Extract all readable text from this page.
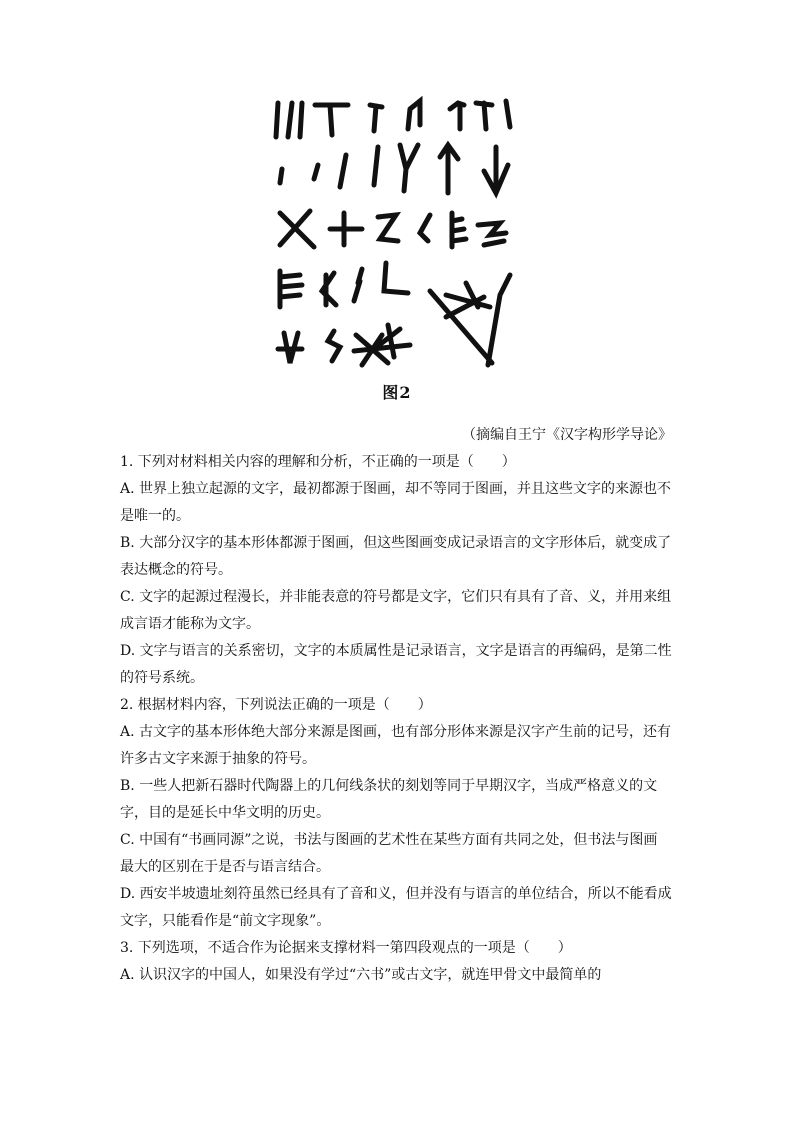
图2
（摘编自王宁《汉字构形学导论》
1. 下列对材料相关内容的理解和分析，不正确的一项是（　　）
A. 世界上独立起源的文字，最初都源于图画，却不等同于图画，并且这些文字的来源也不
是唯一的。
B. 大部分汉字的基本形体都源于图画，但这些图画变成记录语言的文字形体后，就变成了
表达概念的符号。
C. 文字的起源过程漫长，并非能表意的符号都是文字，它们只有具有了音、义，并用来组
成言语才能称为文字。
D. 文字与语言的关系密切，文字的本质属性是记录语言，文字是语言的再编码，是第二性
的符号系统。
2. 根据材料内容，下列说法正确的一项是（　　）
A. 古文字的基本形体绝大部分来源是图画，也有部分形体来源是汉字产生前的记号，还有
许多古文字来源于抽象的符号。
B. 一些人把新石器时代陶器上的几何线条状的刻划等同于早期汉字，当成严格意义的文
字，目的是延长中华文明的历史。
C. 中国有“书画同源”之说，书法与图画的艺术性在某些方面有共同之处，但书法与图画
最大的区别在于是否与语言结合。
D. 西安半坡遗址刻符虽然已经具有了音和义，但并没有与语言的单位结合，所以不能看成
文字，只能看作是“前文字现象”。
3. 下列选项，不适合作为论据来支撑材料一第四段观点的一项是（　　）
A. 认识汉字的中国人，如果没有学过“六书”或古文字，就连甲骨文中最简单的
